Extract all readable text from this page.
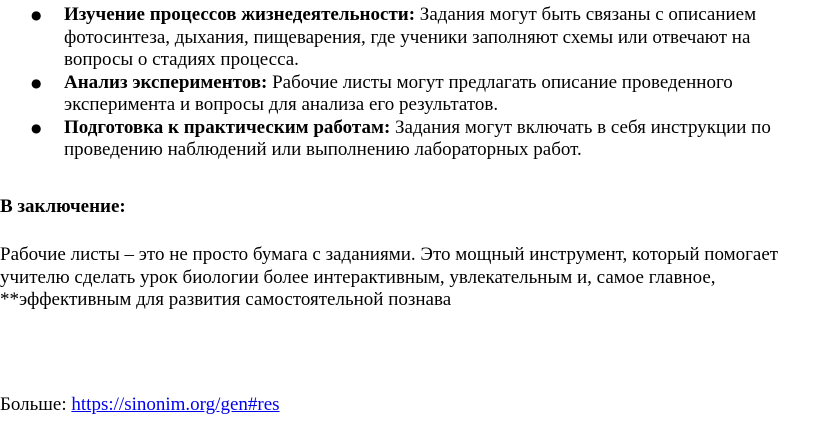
● Изучение процессов жизнедеятельности: Задания могут быть связаны с описанием фотосинтеза, дыхания, пищеварения, где ученики заполняют схемы или отвечают на вопросы о стадиях процесса.
● Анализ экспериментов: Рабочие листы могут предлагать описание проведенного эксперимента и вопросы для анализа его результатов.
● Подготовка к практическим работам: Задания могут включать в себя инструкции по проведению наблюдений или выполнению лабораторных работ.
В заключение:
Рабочие листы – это не просто бумага с заданиями. Это мощный инструмент, который помогает учителю сделать урок биологии более интерактивным, увлекательным и, самое главное, **эффективным для развития самостоятельной познава
Больше: https://sinonim.org/gen#res
